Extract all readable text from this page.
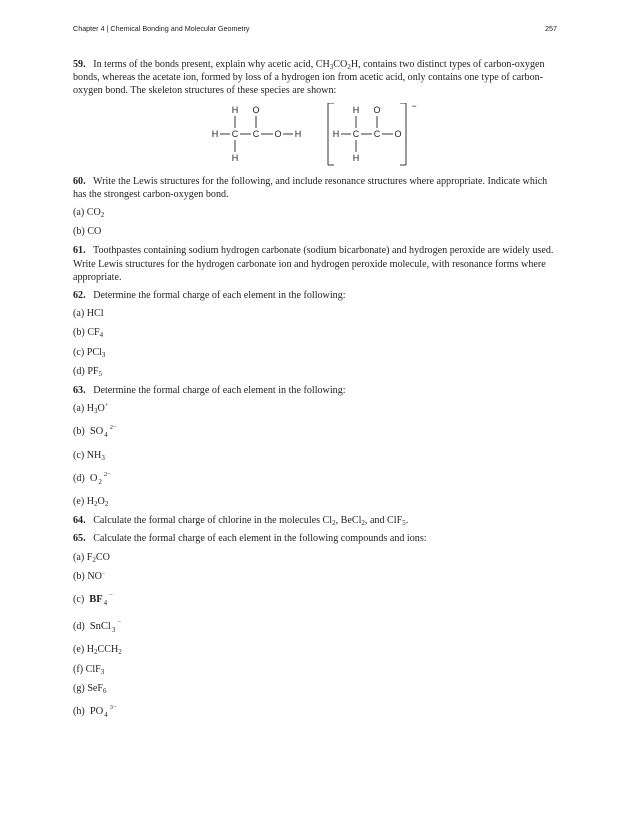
Chapter 4 | Chemical Bonding and Molecular Geometry	257

59. In terms of the bonds present, explain why acetic acid, $CH_3CO_2H$, contains two distinct types of carbon-oxygen bonds, whereas the acetate ion, formed by loss of a hydrogen ion from acetic acid, only contains one type of carbon-oxygen bond. The skeleton structures of these species are shown:

H C C O H
H O
H
H C C O
H O
H
−

60. Write the Lewis structures for the following, and include resonance structures where appropriate. Indicate which has the strongest carbon-oxygen bond.

(a) $CO_2$
(b) CO

61. Toothpastes containing sodium hydrogen carbonate (sodium bicarbonate) and hydrogen peroxide are widely used. Write Lewis structures for the hydrogen carbonate ion and hydrogen peroxide molecule, with resonance forms where appropriate.

62. Determine the formal charge of each element in the following:

(a) HCl
(b) $CF_4$
(c) PCl$_3$
(d) $PF_5$

63. Determine the formal charge of each element in the following:

(a) $H_3O^+$
(b) $SO_4^{2-}$
(c) $NH_3$
(d) $O_2^{2-}$
(e) $H_2O_2$

64. Calculate the formal charge of chlorine in the molecules $Cl_2$, BeCl$_2$, and ClF$_5$.

65. Calculate the formal charge of each element in the following compounds and ions:

(a) $F_2CO$
(b) NO−
(c) $BF_4^-$
(d) SnCl$_3$−
(e) $H_2CCH_2$
(f) ClF$_3$
(g) SeF$_6$
(h) $PO_4^{3-}$
